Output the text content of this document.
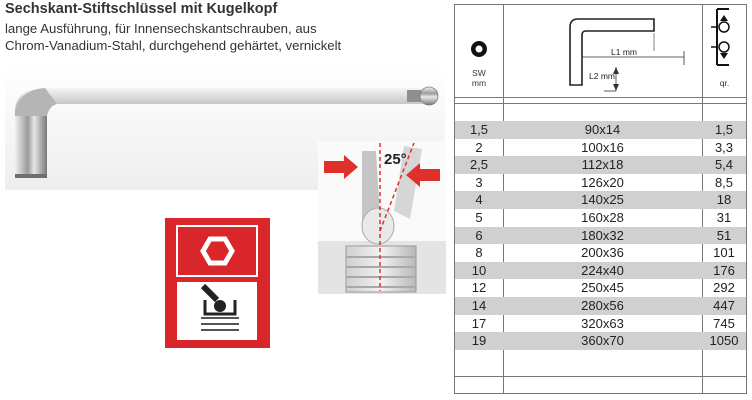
Sechskant-Stiftschlüssel mit Kugelkopf
lange Ausführung, für Innensechskantschrauben, aus
Chrom-Vanadium-Stahl, durchgehend gehärtet, vernickelt
25°
SW
mm
L1 mm
L2 mm
qr.
1,5	90x14	1,5
2	100x16	3,3
2,5	112x18	5,4
3	126x20	8,5
4	140x25	18
5	160x28	31
6	180x32	51
8	200x36	101
10	224x40	176
12	250x45	292
14	280x56	447
17	320x63	745
19	360x70	1050
